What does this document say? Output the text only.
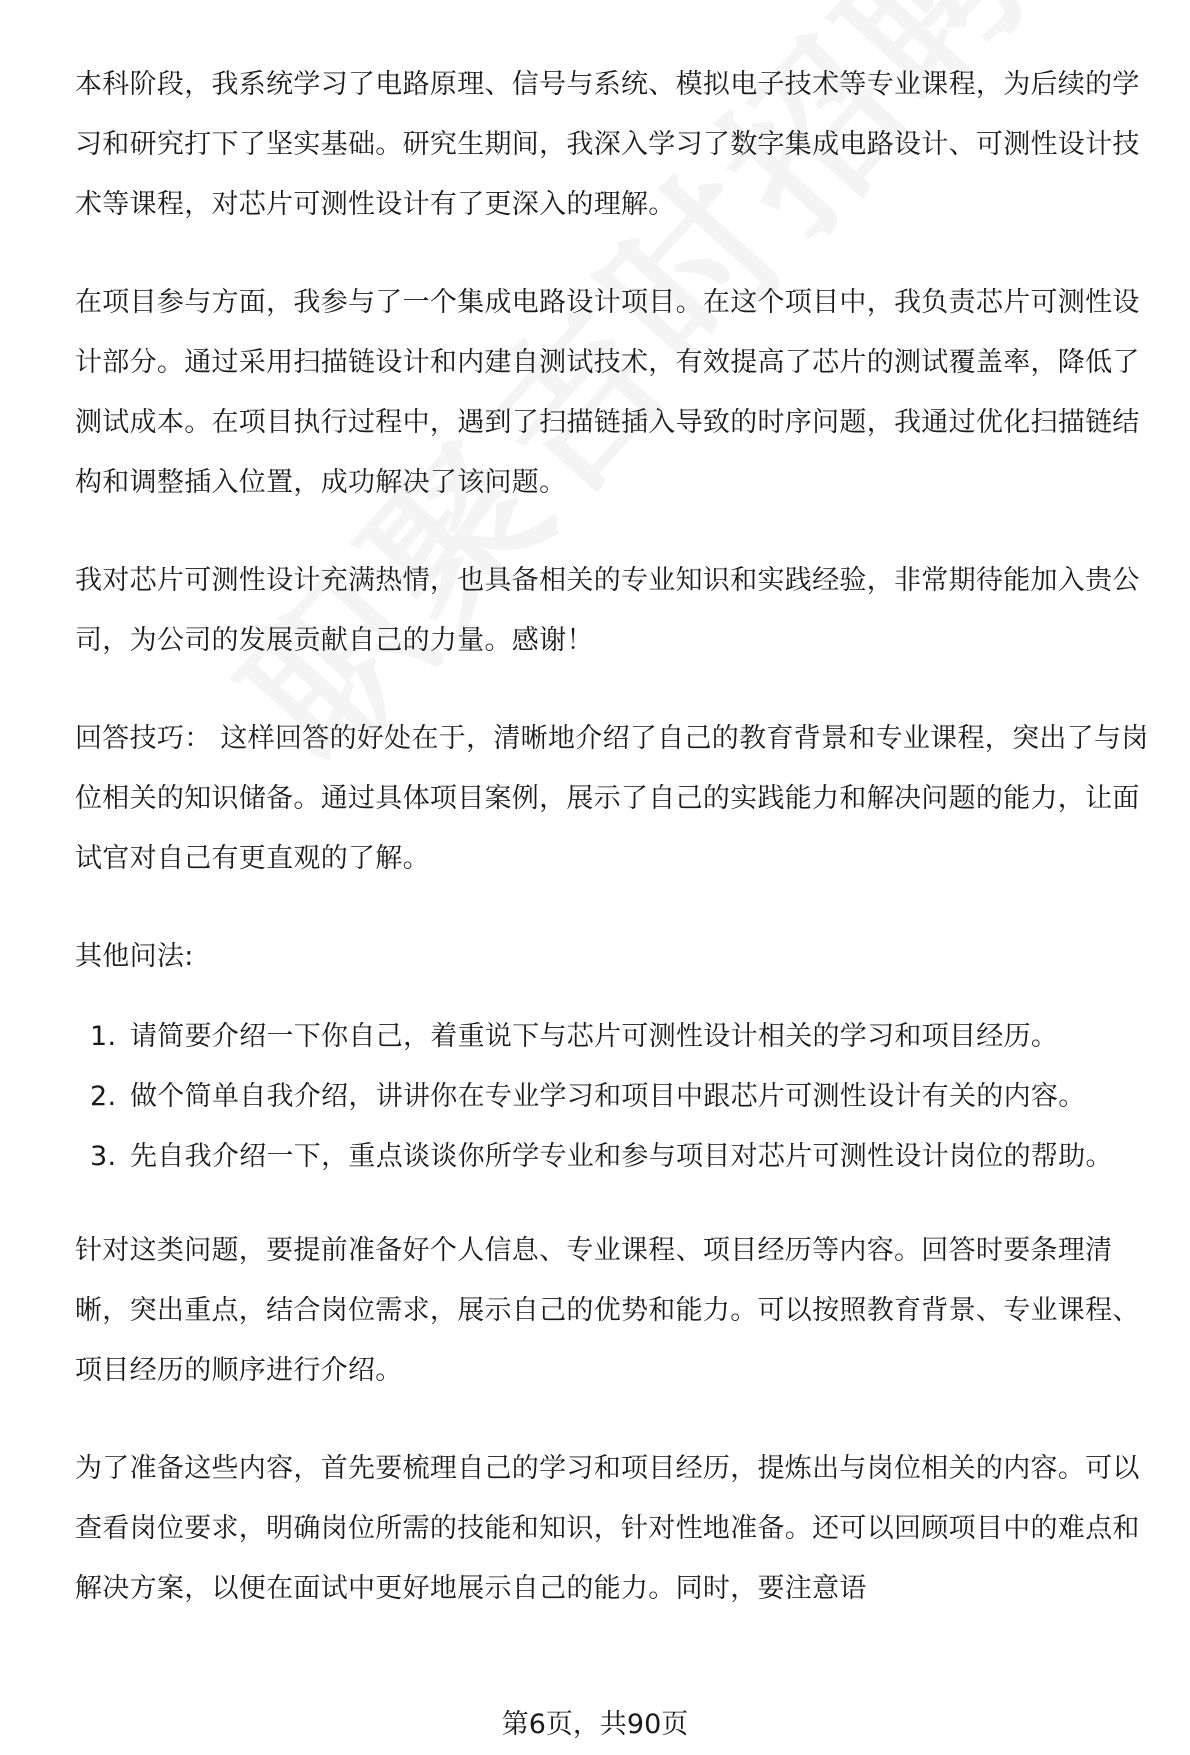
本科阶段，我系统学习了电路原理、信号与系统、模拟电子技术等专业课程，为后续的学习和研究打下了坚实基础。研究生期间，我深入学习了数字集成电路设计、可测性设计技术等课程，对芯片可测性设计有了更深入的理解。

在项目参与方面，我参与了一个集成电路设计项目。在这个项目中，我负责芯片可测性设计部分。通过采用扫描链设计和内建自测试技术，有效提高了芯片的测试覆盖率，降低了测试成本。在项目执行过程中，遇到了扫描链插入导致的时序问题，我通过优化扫描链结构和调整插入位置，成功解决了该问题。

我对芯片可测性设计充满热情，也具备相关的专业知识和实践经验，非常期待能加入贵公司，为公司的发展贡献自己的力量。感谢！

回答技巧： 这样回答的好处在于，清晰地介绍了自己的教育背景和专业课程，突出了与岗位相关的知识储备。通过具体项目案例，展示了自己的实践能力和解决问题的能力，让面试官对自己有更直观的了解。

其他问法:

1. 请简要介绍一下你自己，着重说下与芯片可测性设计相关的学习和项目经历。
2. 做个简单自我介绍，讲讲你在专业学习和项目中跟芯片可测性设计有关的内容。
3. 先自我介绍一下，重点谈谈你所学专业和参与项目对芯片可测性设计岗位的帮助。

针对这类问题，要提前准备好个人信息、专业课程、项目经历等内容。回答时要条理清晰，突出重点，结合岗位需求，展示自己的优势和能力。可以按照教育背景、专业课程、项目经历的顺序进行介绍。

为了准备这些内容，首先要梳理自己的学习和项目经历，提炼出与岗位相关的内容。可以查看岗位要求，明确岗位所需的技能和知识，针对性地准备。还可以回顾项目中的难点和解决方案，以便在面试中更好地展示自己的能力。同时，要注意语

第6页，共90页
